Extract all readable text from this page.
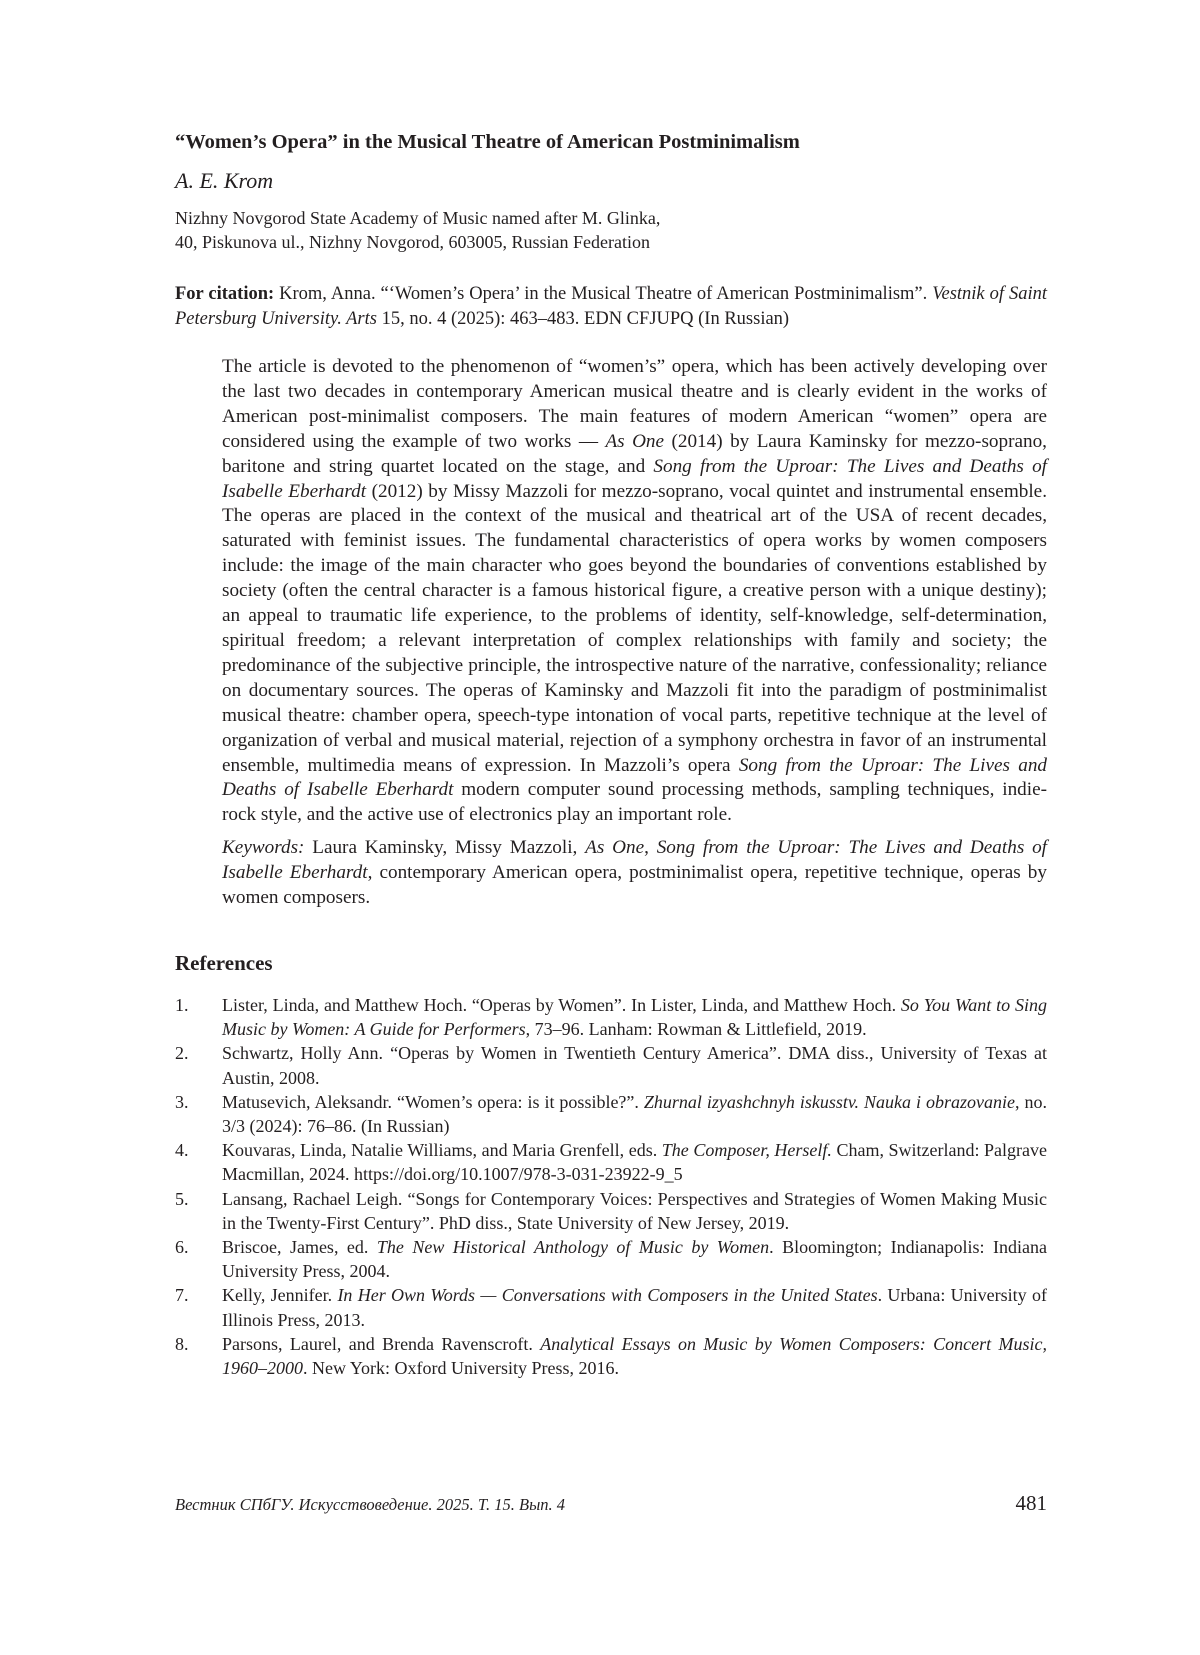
“Women’s Opera” in the Musical Theatre of American Postminimalism
A. E. Krom
Nizhny Novgorod State Academy of Music named after M. Glinka,
40, Piskunova ul., Nizhny Novgorod, 603005, Russian Federation
For citation: Krom, Anna. “‘Women’s Opera’ in the Musical Theatre of American Postminimalism”. Vestnik of Saint Petersburg University. Arts 15, no. 4 (2025): 463–483. EDN CFJUPQ (In Russian)

The article is devoted to the phenomenon of “women’s” opera, which has been actively developing over the last two decades in contemporary American musical theatre and is clearly evident in the works of American post-minimalist composers. The main features of modern American “women” opera are considered using the example of two works — As One (2014) by Laura Kaminsky for mezzo-soprano, baritone and string quartet located on the stage, and Song from the Uproar: The Lives and Deaths of Isabelle Eberhardt (2012) by Missy Mazzoli for mezzo-soprano, vocal quintet and instrumental ensemble. The operas are placed in the context of the musical and theatrical art of the USA of recent decades, saturated with feminist issues. The fundamental characteristics of opera works by women composers include: the image of the main character who goes beyond the boundaries of conventions established by society (often the central character is a famous historical figure, a creative person with a unique destiny); an appeal to traumatic life experience, to the problems of identity, self-knowledge, self-determination, spiritual freedom; a relevant interpretation of complex relationships with family and society; the predominance of the subjective principle, the introspective nature of the narrative, confessionality; reliance on documentary sources. The operas of Kaminsky and Mazzoli fit into the paradigm of postminimalist musical theatre: chamber opera, speech-type intonation of vocal parts, repetitive technique at the level of organization of verbal and musical material, rejection of a symphony orchestra in favor of an instrumental ensemble, multimedia means of expression. In Mazzoli’s opera Song from the Uproar: The Lives and Deaths of Isabelle Eberhardt modern computer sound processing methods, sampling techniques, indie-rock style, and the active use of electronics play an important role.

Keywords: Laura Kaminsky, Missy Mazzoli, As One, Song from the Uproar: The Lives and Deaths of Isabelle Eberhardt, contemporary American opera, postminimalist opera, repetitive technique, operas by women composers.
References
1. Lister, Linda, and Matthew Hoch. “Operas by Women”. In Lister, Linda, and Matthew Hoch. So You Want to Sing Music by Women: A Guide for Performers, 73–96. Lanham: Rowman & Littlefield, 2019.
2. Schwartz, Holly Ann. “Operas by Women in Twentieth Century America”. DMA diss., University of Texas at Austin, 2008.
3. Matusevich, Aleksandr. “Women’s opera: is it possible?”. Zhurnal izyashchnyh iskusstv. Nauka i obrazovanie, no. 3/3 (2024): 76–86. (In Russian)
4. Kouvaras, Linda, Natalie Williams, and Maria Grenfell, eds. The Composer, Herself. Cham, Switzerland: Palgrave Macmillan, 2024. https://doi.org/10.1007/978-3-031-23922-9_5
5. Lansang, Rachael Leigh. “Songs for Contemporary Voices: Perspectives and Strategies of Women Making Music in the Twenty-First Century”. PhD diss., State University of New Jersey, 2019.
6. Briscoe, James, ed. The New Historical Anthology of Music by Women. Bloomington; Indianapolis: Indiana University Press, 2004.
7. Kelly, Jennifer. In Her Own Words — Conversations with Composers in the United States. Urbana: University of Illinois Press, 2013.
8. Parsons, Laurel, and Brenda Ravenscroft. Analytical Essays on Music by Women Composers: Concert Music, 1960–2000. New York: Oxford University Press, 2016.
Вестник СПбГУ. Искусствоведение. 2025. Т. 15. Вып. 4	481
